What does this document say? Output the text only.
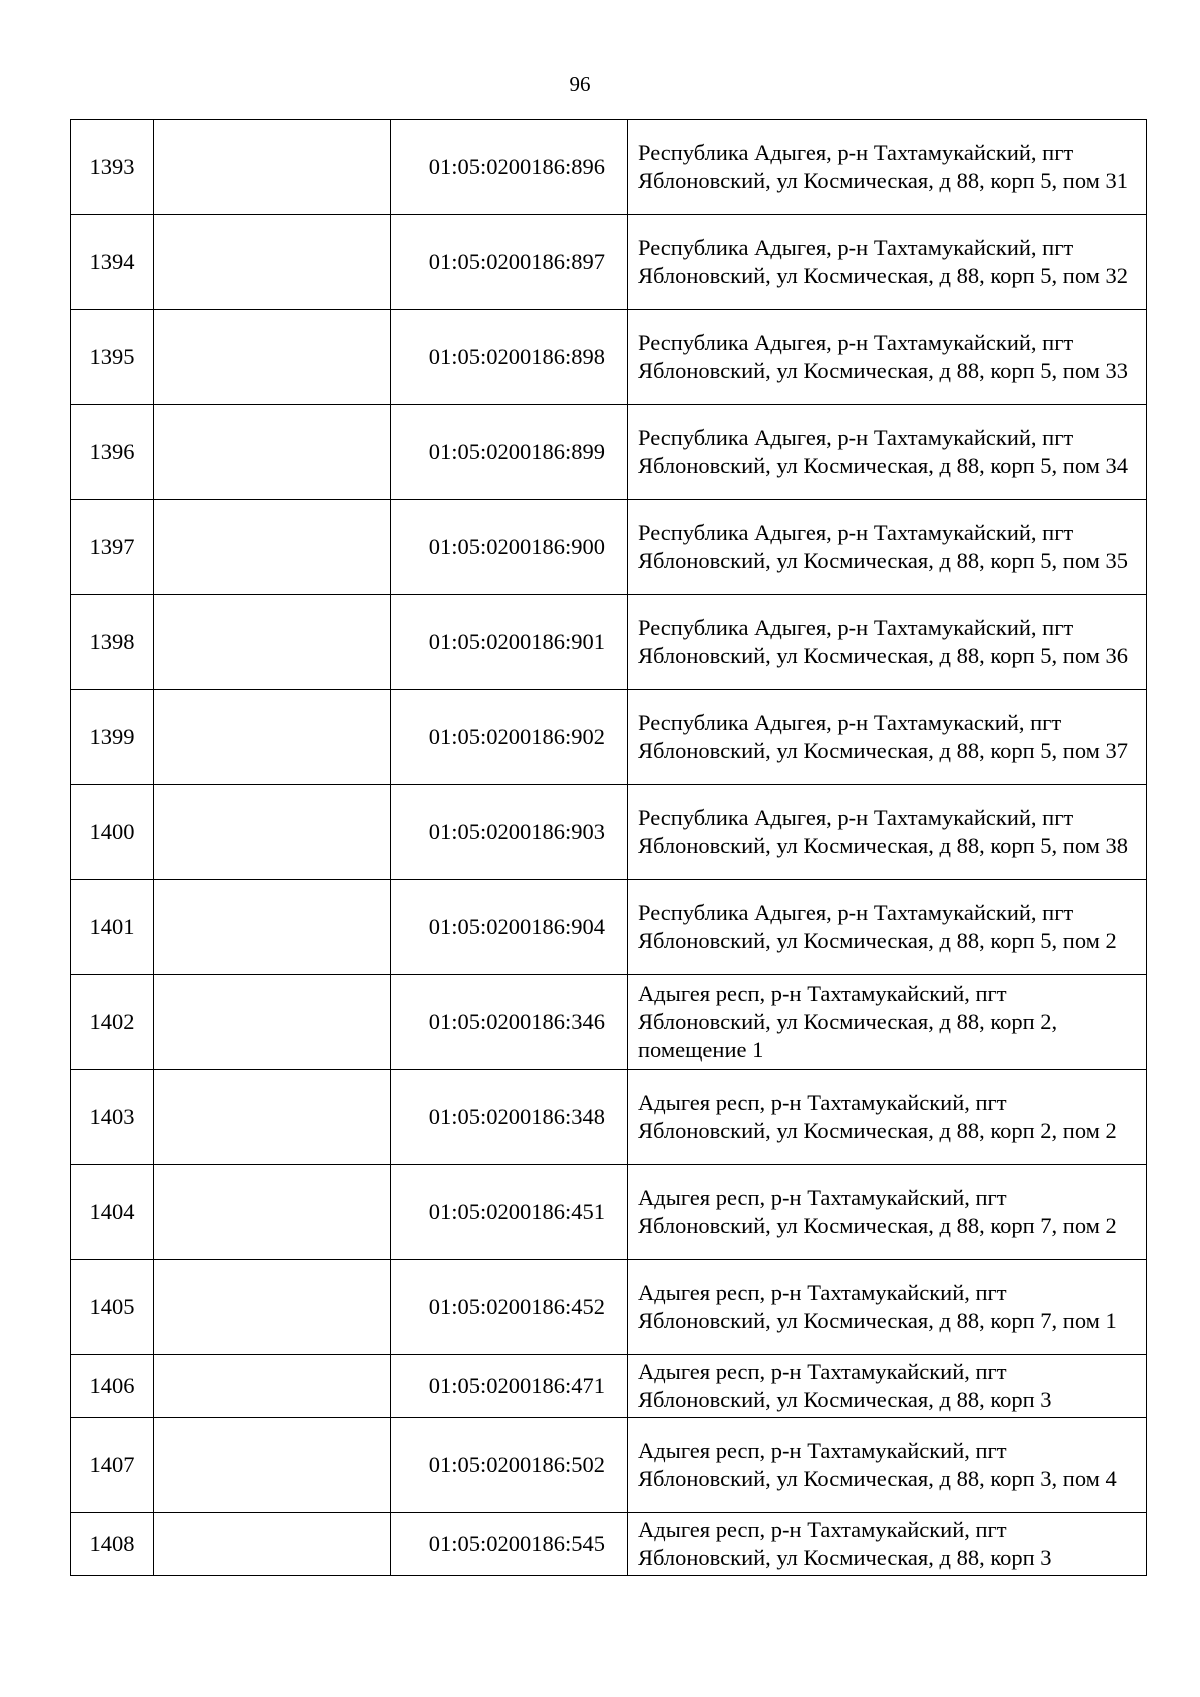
96
1393		01:05:0200186:896	Республика Адыгея, р-н Тахтамукайский, пгт Яблоновский, ул Космическая, д 88, корп 5, пом 31
1394		01:05:0200186:897	Республика Адыгея, р-н Тахтамукайский, пгт Яблоновский, ул Космическая, д 88, корп 5, пом 32
1395		01:05:0200186:898	Республика Адыгея, р-н Тахтамукайский, пгт Яблоновский, ул Космическая, д 88, корп 5, пом 33
1396		01:05:0200186:899	Республика Адыгея, р-н Тахтамукайский, пгт Яблоновский, ул Космическая, д 88, корп 5, пом 34
1397		01:05:0200186:900	Республика Адыгея, р-н Тахтамукайский, пгт Яблоновский, ул Космическая, д 88, корп 5, пом 35
1398		01:05:0200186:901	Республика Адыгея, р-н Тахтамукайский, пгт Яблоновский, ул Космическая, д 88, корп 5, пом 36
1399		01:05:0200186:902	Республика Адыгея, р-н Тахтамукаский, пгт Яблоновский, ул Космическая, д 88, корп 5, пом 37
1400		01:05:0200186:903	Республика Адыгея, р-н Тахтамукайский, пгт Яблоновский, ул Космическая, д 88, корп 5, пом 38
1401		01:05:0200186:904	Республика Адыгея, р-н Тахтамукайский, пгт Яблоновский, ул Космическая, д 88, корп 5, пом 2
1402		01:05:0200186:346	Адыгея респ, р-н Тахтамукайский, пгт Яблоновский, ул Космическая, д 88, корп 2, помещение 1
1403		01:05:0200186:348	Адыгея респ, р-н Тахтамукайский, пгт Яблоновский, ул Космическая, д 88, корп 2, пом 2
1404		01:05:0200186:451	Адыгея респ, р-н Тахтамукайский, пгт Яблоновский, ул Космическая, д 88, корп 7, пом 2
1405		01:05:0200186:452	Адыгея респ, р-н Тахтамукайский, пгт Яблоновский, ул Космическая, д 88, корп 7, пом 1
1406		01:05:0200186:471	Адыгея респ, р-н Тахтамукайский, пгт Яблоновский, ул Космическая, д 88, корп 3
1407		01:05:0200186:502	Адыгея респ, р-н Тахтамукайский, пгт Яблоновский, ул Космическая, д 88, корп 3, пом 4
1408		01:05:0200186:545	Адыгея респ, р-н Тахтамукайский, пгт Яблоновский, ул Космическая, д 88, корп 3
